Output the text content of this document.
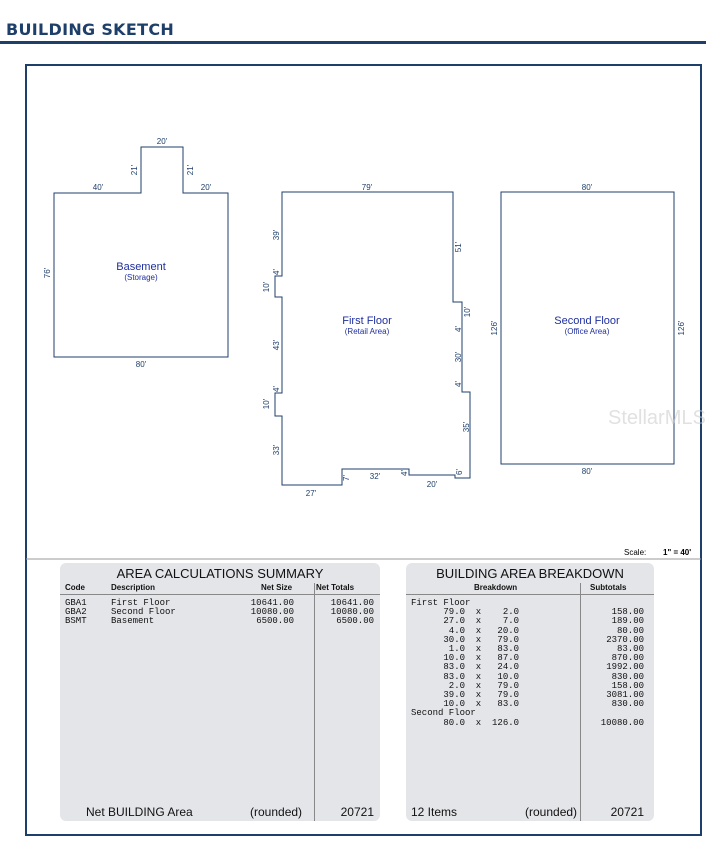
BUILDING SKETCH
Basement
(Storage)
40'
20'
20'
80'
21'	21'
76'
First Floor
(Retail Area)
79'
39'
4'
10'
43'
4'
10'
33'
51'
10'
4'
30'
4'
35'
6'
27'
7' 32' 4'
20'
Second Floor
(Office Area)
80'
80'
126'	126'
StellarMLS
Scale: 1" = 40'
AREA CALCULATIONS SUMMARY
Code	Description	Net Size	Net Totals
GBA1	First Floor	10641.00	10641.00
GBA2	Second Floor	10080.00	10080.00
BSMT	Basement	6500.00	6500.00
Net BUILDING Area	(rounded)	20721
BUILDING AREA BREAKDOWN
Breakdown	Subtotals
First Floor
79.0  x    2.0	158.00
27.0  x    7.0	189.00
4.0  x   20.0	80.00
30.0  x   79.0	2370.00
1.0  x   83.0	83.00
10.0  x   87.0	870.00
83.0  x   24.0	1992.00
83.0  x   10.0	830.00
2.0  x   79.0	158.00
39.0  x   79.0	3081.00
10.0  x   83.0	830.00
Second Floor
80.0  x  126.0	10080.00
12 Items	(rounded)	20721
